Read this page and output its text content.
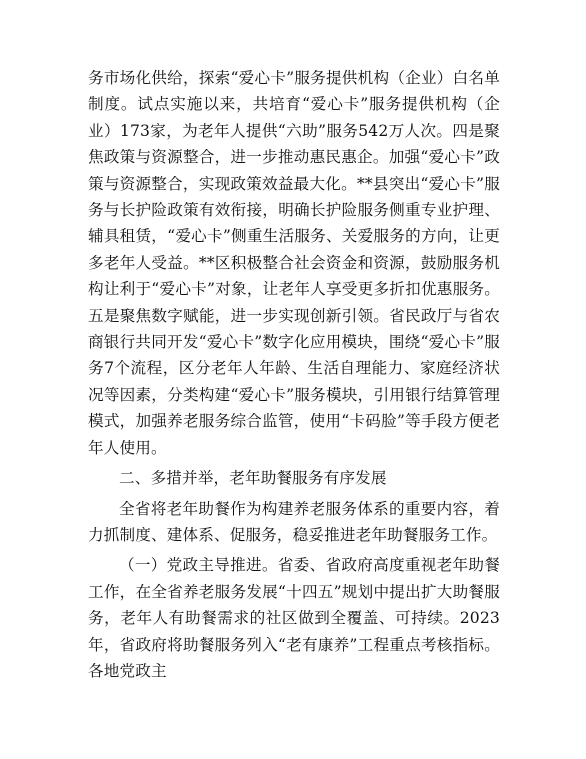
务市场化供给，探索“爱心卡”服务提供机构（企业）白名单制度。试点实施以来，共培育“爱心卡”服务提供机构（企业）173家，为老年人提供“六助”服务542万人次。四是聚焦政策与资源整合，进一步推动惠民惠企。加强“爱心卡”政策与资源整合，实现政策效益最大化。**县突出“爱心卡”服务与长护险政策有效衔接，明确长护险服务侧重专业护理、辅具租赁，“爱心卡”侧重生活服务、关爱服务的方向，让更多老年人受益。**区积极整合社会资金和资源，鼓励服务机构让利于“爱心卡”对象，让老年人享受更多折扣优惠服务。五是聚焦数字赋能，进一步实现创新引领。省民政厅与省农商银行共同开发“爱心卡”数字化应用模块，围绕“爱心卡”服务7个流程，区分老年人年龄、生活自理能力、家庭经济状况等因素，分类构建“爱心卡”服务模块，引用银行结算管理模式，加强养老服务综合监管，使用“卡码脸”等手段方便老年人使用。

二、多措并举，老年助餐服务有序发展

全省将老年助餐作为构建养老服务体系的重要内容，着力抓制度、建体系、促服务，稳妥推进老年助餐服务工作。

（一）党政主导推进。省委、省政府高度重视老年助餐工作，在全省养老服务发展“十四五”规划中提出扩大助餐服务，老年人有助餐需求的社区做到全覆盖、可持续。2023年，省政府将助餐服务列入“老有康养”工程重点考核指标。各地党政主
